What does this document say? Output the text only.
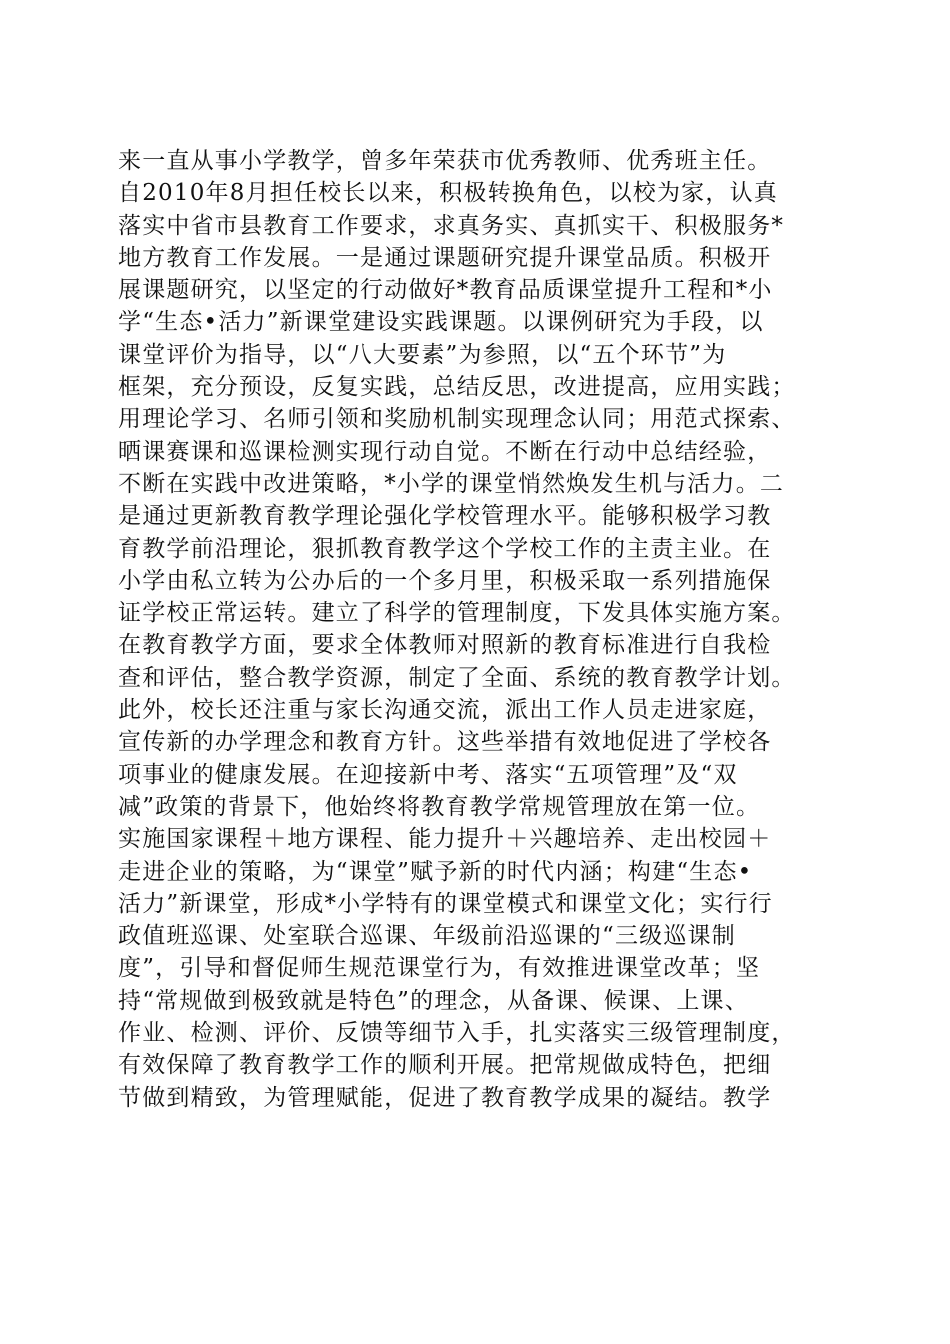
来一直从事小学教学，曾多年荣获市优秀教师、优秀班主任。
自2010年8月担任校长以来，积极转换角色，以校为家，认真
落实中省市县教育工作要求，求真务实、真抓实干、积极服务*
地方教育工作发展。一是通过课题研究提升课堂品质。积极开
展课题研究，以坚定的行动做好*教育品质课堂提升工程和*小
学“生态•活力”新课堂建设实践课题。以课例研究为手段，以
课堂评价为指导，以“八大要素”为参照，以“五个环节”为
框架，充分预设，反复实践，总结反思，改进提高，应用实践；
用理论学习、名师引领和奖励机制实现理念认同；用范式探索、
晒课赛课和巡课检测实现行动自觉。不断在行动中总结经验，
不断在实践中改进策略，*小学的课堂悄然焕发生机与活力。二
是通过更新教育教学理论强化学校管理水平。能够积极学习教
育教学前沿理论，狠抓教育教学这个学校工作的主责主业。在
小学由私立转为公办后的一个多月里，积极采取一系列措施保
证学校正常运转。建立了科学的管理制度，下发具体实施方案。
在教育教学方面，要求全体教师对照新的教育标准进行自我检
查和评估，整合教学资源，制定了全面、系统的教育教学计划。
此外，校长还注重与家长沟通交流，派出工作人员走进家庭，
宣传新的办学理念和教育方针。这些举措有效地促进了学校各
项事业的健康发展。在迎接新中考、落实“五项管理”及“双
减”政策的背景下，他始终将教育教学常规管理放在第一位。
实施国家课程＋地方课程、能力提升＋兴趣培养、走出校园＋
走进企业的策略，为“课堂”赋予新的时代内涵；构建“生态•
活力”新课堂，形成*小学特有的课堂模式和课堂文化；实行行
政值班巡课、处室联合巡课、年级前沿巡课的“三级巡课制
度”，引导和督促师生规范课堂行为，有效推进课堂改革；坚
持“常规做到极致就是特色”的理念，从备课、候课、上课、
作业、检测、评价、反馈等细节入手，扎实落实三级管理制度，
有效保障了教育教学工作的顺利开展。把常规做成特色，把细
节做到精致，为管理赋能，促进了教育教学成果的凝结。教学
